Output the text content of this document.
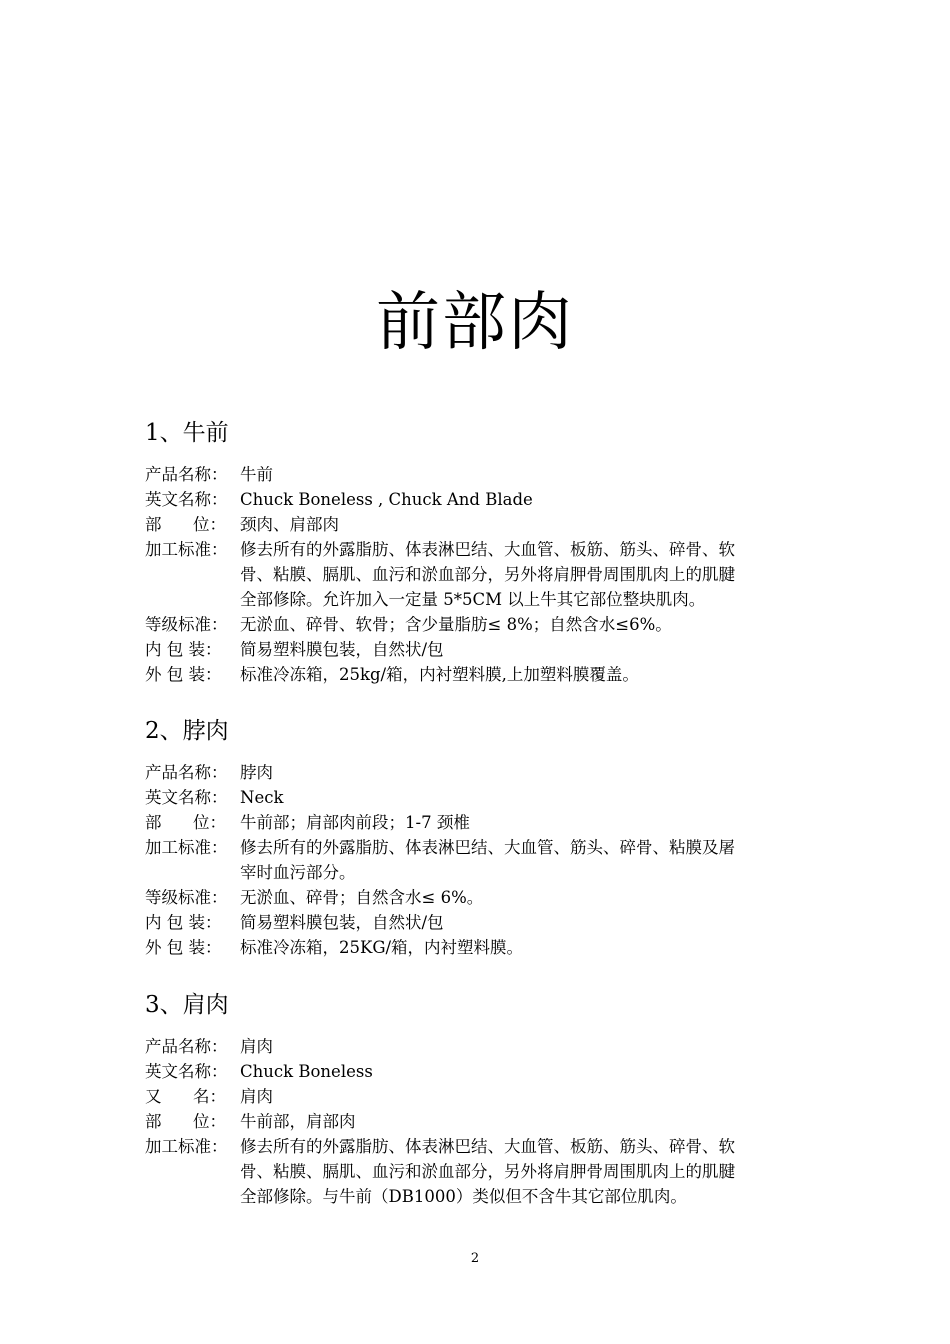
前部肉
1、牛前
产品名称： 牛前
英文名称： Chuck Boneless , Chuck And Blade
部      位： 颈肉、肩部肉
加工标准： 修去所有的外露脂肪、体表淋巴结、大血管、板筋、筋头、碎骨、软
骨、粘膜、膈肌、血污和淤血部分，另外将肩胛骨周围肌肉上的肌腱
全部修除。允许加入一定量 5*5CM 以上牛其它部位整块肌肉。
等级标准： 无淤血、碎骨、软骨；含少量脂肪≤ 8%；自然含水≤6%。
内 包 装：	简易塑料膜包装，自然状/包
外 包 装：	标准冷冻箱，25kg/箱，内衬塑料膜,上加塑料膜覆盖。
2、脖肉
产品名称： 脖肉
英文名称： Neck
部      位： 牛前部；肩部肉前段；1-7 颈椎
加工标准： 修去所有的外露脂肪、体表淋巴结、大血管、筋头、碎骨、粘膜及屠
宰时血污部分。
等级标准： 无淤血、碎骨；自然含水≤ 6%。
内 包 装：	简易塑料膜包装，自然状/包
外 包 装：	标准冷冻箱，25KG/箱，内衬塑料膜。
3、肩肉
产品名称： 肩肉
英文名称： Chuck Boneless
又      名： 肩肉
部      位： 牛前部，肩部肉
加工标准： 修去所有的外露脂肪、体表淋巴结、大血管、板筋、筋头、碎骨、软
骨、粘膜、膈肌、血污和淤血部分，另外将肩胛骨周围肌肉上的肌腱
全部修除。与牛前（DB1000）类似但不含牛其它部位肌肉。
2
